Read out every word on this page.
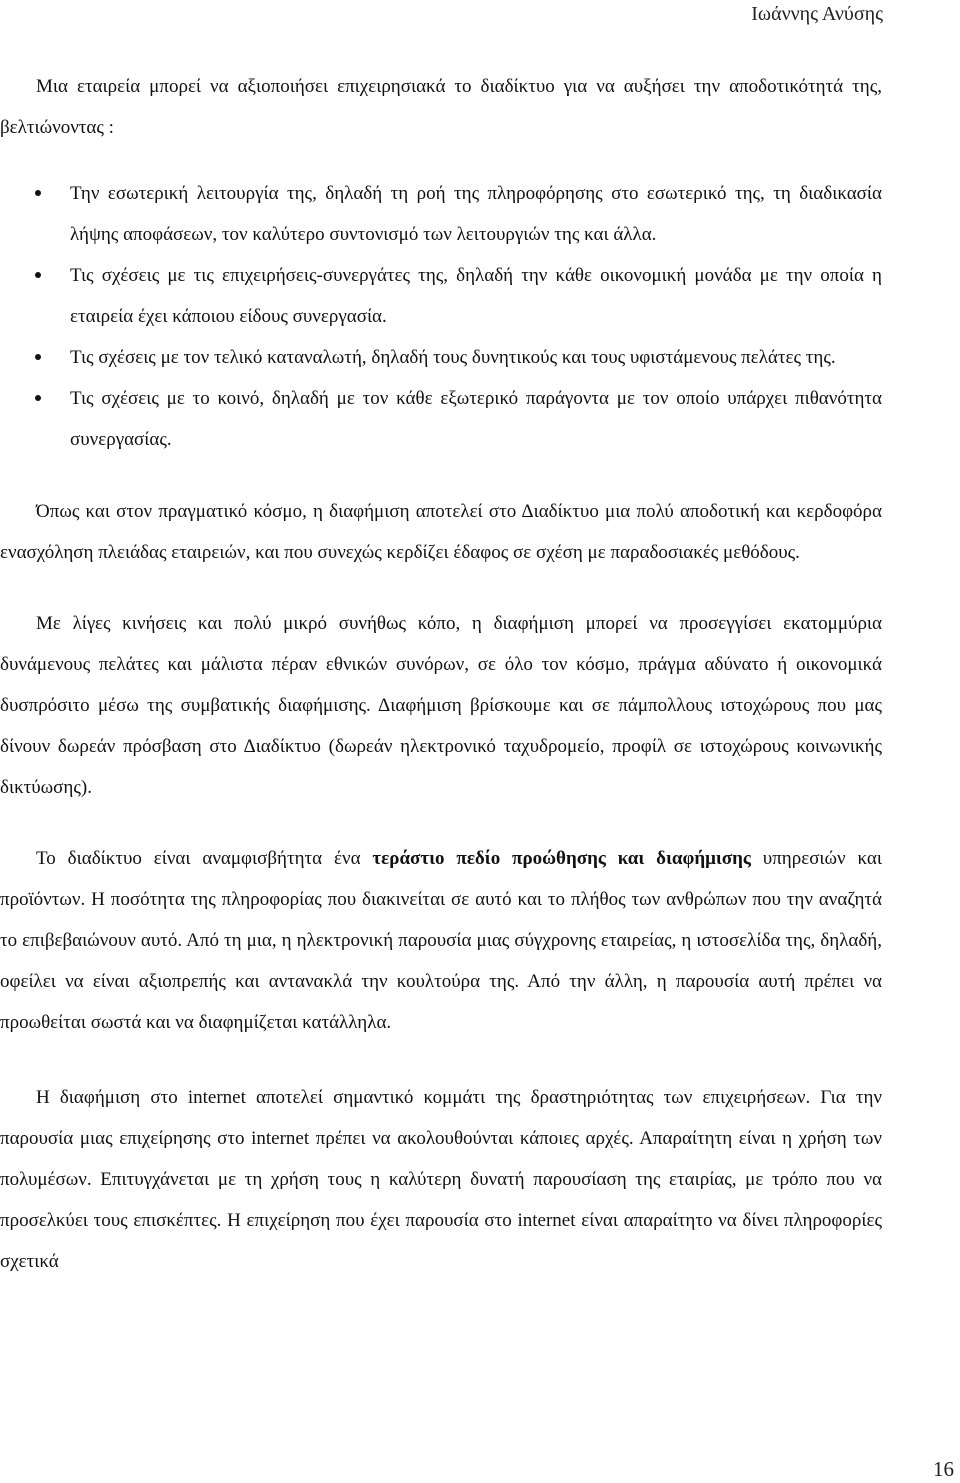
Ιωάννης Ανύσης

Μια εταιρεία μπορεί να αξιοποιήσει επιχειρησιακά το διαδίκτυο για να αυξήσει την αποδοτικότητά της, βελτιώνοντας :

Την εσωτερική λειτουργία της, δηλαδή τη ροή της πληροφόρησης στο εσωτερικό της, τη διαδικασία λήψης αποφάσεων, τον καλύτερο συντονισμό των λειτουργιών της και άλλα.
Τις σχέσεις με τις επιχειρήσεις-συνεργάτες της, δηλαδή την κάθε οικονομική μονάδα με την οποία η εταιρεία έχει κάποιου είδους συνεργασία.
Τις σχέσεις με τον τελικό καταναλωτή, δηλαδή τους δυνητικούς και τους υφιστάμενους πελάτες της.
Τις σχέσεις με το κοινό, δηλαδή με τον κάθε εξωτερικό παράγοντα με τον οποίο υπάρχει πιθανότητα συνεργασίας.

Όπως και στον πραγματικό κόσμο, η διαφήμιση αποτελεί στο Διαδίκτυο μια πολύ αποδοτική και κερδοφόρα ενασχόληση πλειάδας εταιρειών, και που συνεχώς κερδίζει έδαφος σε σχέση με παραδοσιακές μεθόδους.

Με λίγες κινήσεις και πολύ μικρό συνήθως κόπο, η διαφήμιση μπορεί να προσεγγίσει εκατομμύρια δυνάμενους πελάτες και μάλιστα πέραν εθνικών συνόρων, σε όλο τον κόσμο, πράγμα αδύνατο ή οικονομικά δυσπρόσιτο μέσω της συμβατικής διαφήμισης. Διαφήμιση βρίσκουμε και σε πάμπολλους ιστοχώρους που μας δίνουν δωρεάν πρόσβαση στο Διαδίκτυο (δωρεάν ηλεκτρονικό ταχυδρομείο, προφίλ σε ιστοχώρους κοινωνικής δικτύωσης).

Το διαδίκτυο είναι αναμφισβήτητα ένα τεράστιο πεδίο προώθησης και διαφήμισης υπηρεσιών και προϊόντων. Η ποσότητα της πληροφορίας που διακινείται σε αυτό και το πλήθος των ανθρώπων που την αναζητά το επιβεβαιώνουν αυτό. Από τη μια, η ηλεκτρονική παρουσία μιας σύγχρονης εταιρείας, η ιστοσελίδα της, δηλαδή, οφείλει να είναι αξιοπρεπής και αντανακλά την κουλτούρα της. Από την άλλη, η παρουσία αυτή πρέπει να προωθείται σωστά και να διαφημίζεται κατάλληλα.

Η διαφήμιση στο internet αποτελεί σημαντικό κομμάτι της δραστηριότητας των επιχειρήσεων. Για την παρουσία μιας επιχείρησης στο internet πρέπει να ακολουθούνται κάποιες αρχές. Απαραίτητη είναι η χρήση των πολυμέσων. Επιτυγχάνεται με τη χρήση τους η καλύτερη δυνατή παρουσίαση της εταιρίας, με τρόπο που να προσελκύει τους επισκέπτες. Η επιχείρηση που έχει παρουσία στο internet είναι απαραίτητο να δίνει πληροφορίες σχετικά

16
